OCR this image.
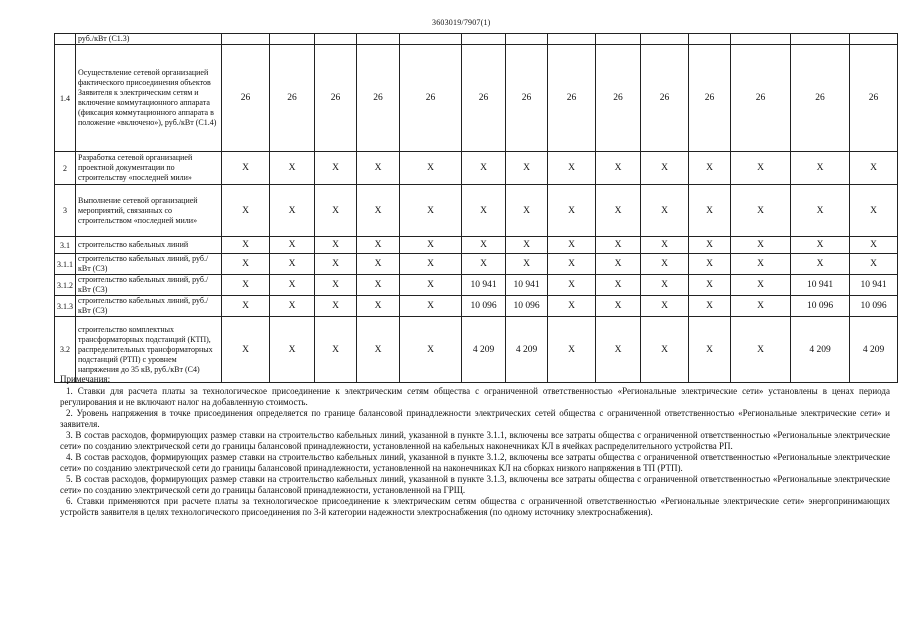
3603019/7907(1)
	руб./кВт (С1.3)														
1.4	Осуществление сетевой организацией фактического присоединения объектов Заявителя к электрическим сетям и включение коммутационного аппарата (фиксация коммутационного аппарата в положение «включено»), руб./кВт (С1.4)	26	26	26	26	26	26	26	26	26	26	26	26	26	26
2	Разработка сетевой организацией проектной документации по строительству «последней мили»	X	X	X	X	X	X	X	X	X	X	X	X	X	X
3	Выполнение сетевой организацией мероприятий, связанных со строительством «последней мили»	X	X	X	X	X	X	X	X	X	X	X	X	X	X
3.1	строительство кабельных линий	X	X	X	X	X	X	X	X	X	X	X	X	X	X
3.1.1	строительство кабельных линий, руб./кВт (С3)	X	X	X	X	X	X	X	X	X	X	X	X	X	X
3.1.2	строительство кабельных линий, руб./кВт (С3)	X	X	X	X	X	10 941	10 941	X	X	X	X	X	10 941	10 941
3.1.3	строительство кабельных линий, руб./кВт (С3)	X	X	X	X	X	10 096	10 096	X	X	X	X	X	10 096	10 096
3.2	строительство комплектных трансформаторных подстанций (КТП), распределительных трансформаторных подстанций (РТП) с уровнем напряжения до 35 кВ, руб./кВт (С4)	X	X	X	X	X	4 209	4 209	X	X	X	X	X	4 209	4 209
Примечания:
1. Ставки для расчета платы за технологическое присоединение к электрическим сетям общества с ограниченной ответственностью «Региональные электрические сети» установлены в ценах периода регулирования и не включают налог на добавленную стоимость.
2. Уровень напряжения в точке присоединения определяется по границе балансовой принадлежности электрических сетей общества с ограниченной ответственностью «Региональные электрические сети» и заявителя.
3. В состав расходов, формирующих размер ставки на строительство кабельных линий, указанной в пункте 3.1.1, включены все затраты общества с ограниченной ответственностью «Региональные электрические сети» по созданию электрической сети до границы балансовой принадлежности, установленной на кабельных наконечниках КЛ в ячейках распределительного устройства РП.
4. В состав расходов, формирующих размер ставки на строительство кабельных линий, указанной в пункте 3.1.2, включены все затраты общества с ограниченной ответственностью «Региональные электрические сети» по созданию электрической сети до границы балансовой принадлежности, установленной на наконечниках КЛ на сборках низкого напряжения в ТП (РТП).
5. В состав расходов, формирующих размер ставки на строительство кабельных линий, указанной в пункте 3.1.3, включены все затраты общества с ограниченной ответственностью «Региональные электрические сети» по созданию электрической сети до границы балансовой принадлежности, установленной на ГРЩ.
6. Ставки применяются при расчете платы за технологическое присоединение к электрическим сетям общества с ограниченной ответственностью «Региональные электрические сети» энергопринимающих устройств заявителя в целях технологического присоединения по 3-й категории надежности электроснабжения (по одному источнику электроснабжения).
